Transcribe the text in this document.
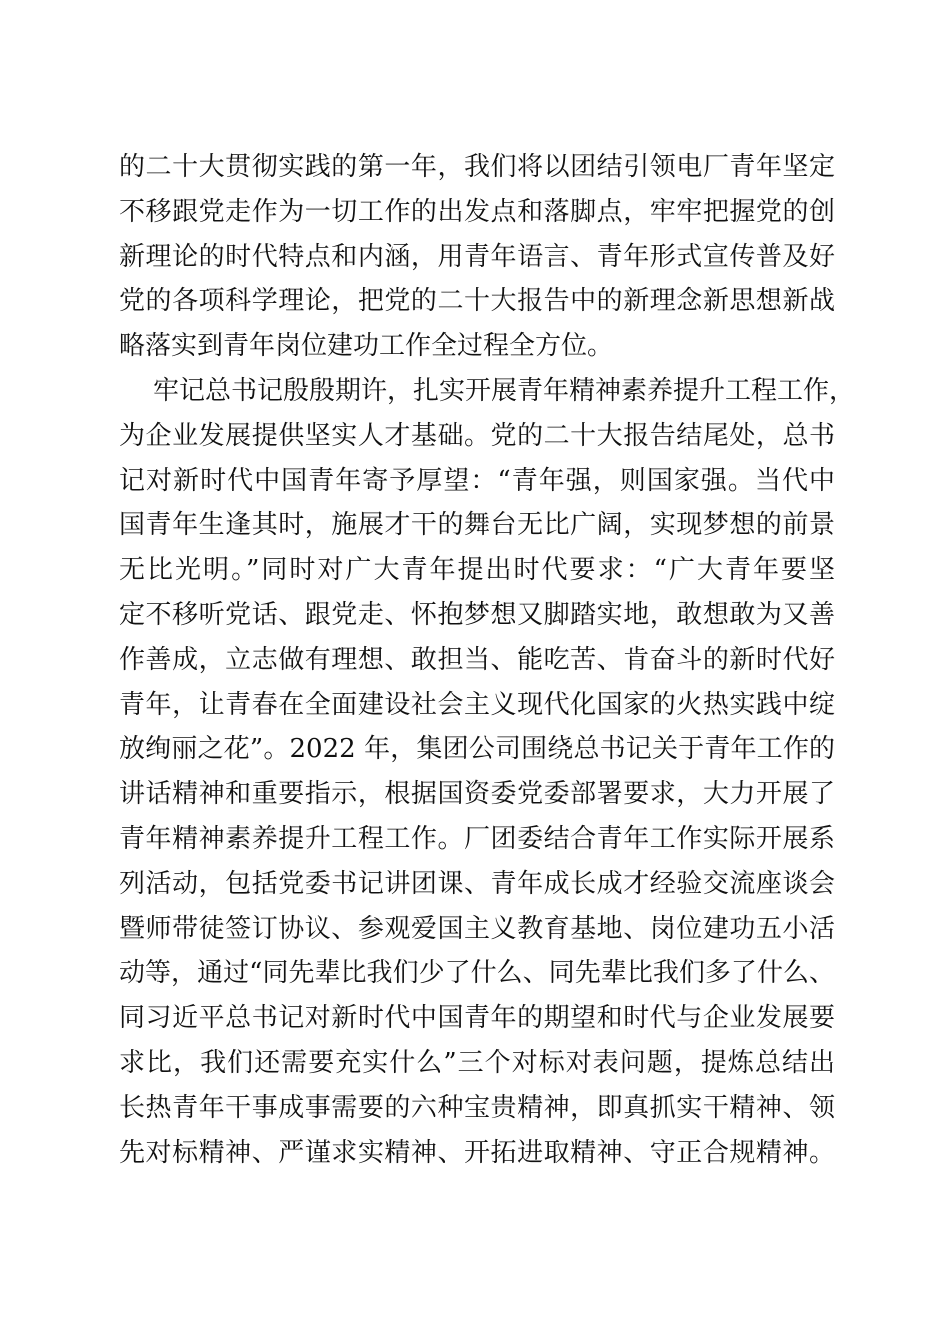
的二十大贯彻实践的第一年，我们将以团结引领电厂青年坚定
不移跟党走作为一切工作的出发点和落脚点，牢牢把握党的创
新理论的时代特点和内涵，用青年语言、青年形式宣传普及好
党的各项科学理论，把党的二十大报告中的新理念新思想新战
略落实到青年岗位建功工作全过程全方位。
牢记总书记殷殷期许，扎实开展青年精神素养提升工程工作，
为企业发展提供坚实人才基础。党的二十大报告结尾处，总书
记对新时代中国青年寄予厚望：“青年强，则国家强。当代中
国青年生逢其时，施展才干的舞台无比广阔，实现梦想的前景
无比光明。”同时对广大青年提出时代要求：“广大青年要坚
定不移听党话、跟党走、怀抱梦想又脚踏实地，敢想敢为又善
作善成，立志做有理想、敢担当、能吃苦、肯奋斗的新时代好
青年，让青春在全面建设社会主义现代化国家的火热实践中绽
放绚丽之花”。2022 年，集团公司围绕总书记关于青年工作的
讲话精神和重要指示，根据国资委党委部署要求，大力开展了
青年精神素养提升工程工作。厂团委结合青年工作实际开展系
列活动，包括党委书记讲团课、青年成长成才经验交流座谈会
暨师带徒签订协议、参观爱国主义教育基地、岗位建功五小活
动等，通过“同先辈比我们少了什么、同先辈比我们多了什么、
同习近平总书记对新时代中国青年的期望和时代与企业发展要
求比，我们还需要充实什么”三个对标对表问题，提炼总结出
长热青年干事成事需要的六种宝贵精神，即真抓实干精神、领
先对标精神、严谨求实精神、开拓进取精神、守正合规精神。
